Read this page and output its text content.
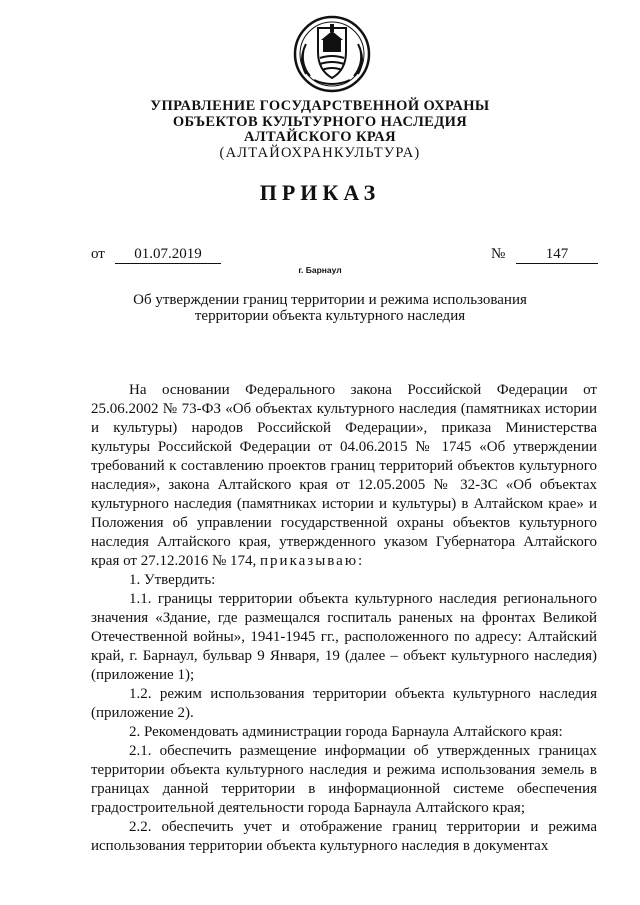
УПРАВЛЕНИЕ ГОСУДАРСТВЕННОЙ ОХРАНЫ
ОБЪЕКТОВ КУЛЬТУРНОГО НАСЛЕДИЯ
АЛТАЙСКОГО КРАЯ
(АЛТАЙОХРАНКУЛЬТУРА)
ПРИКАЗ
от	01.07.2019	№	147
г. Барнаул
Об утверждении границ территории и режима использования
территории объекта культурного наследия

На основании Федерального закона Российской Федерации от 25.06.2002 № 73-ФЗ «Об объектах культурного наследия (памятниках истории и культуры) народов Российской Федерации», приказа Министерства культуры Российской Федерации от 04.06.2015 № 1745 «Об утверждении требований к составлению проектов границ территорий объектов культурного наследия», закона Алтайского края от 12.05.2005 № 32-ЗС «Об объектах культурного наследия (памятниках истории и культуры) в Алтайском крае» и Положения об управлении государственной охраны объектов культурного наследия Алтайского края, утвержденного указом Губернатора Алтайского края от 27.12.2016 № 174, приказываю:

1. Утвердить:

1.1. границы территории объекта культурного наследия регионального значения «Здание, где размещался госпиталь раненых на фронтах Великой Отечественной войны», 1941-1945 гг., расположенного по адресу: Алтайский край, г. Барнаул, бульвар 9 Января, 19 (далее – объект культурного наследия) (приложение 1);

1.2. режим использования территории объекта культурного наследия (приложение 2).

2. Рекомендовать администрации города Барнаула Алтайского края:

2.1. обеспечить размещение информации об утвержденных границах территории объекта культурного наследия и режима использования земель в границах данной территории в информационной системе обеспечения градостроительной деятельности города Барнаула Алтайского края;

2.2. обеспечить учет и отображение границ территории и режима использования территории объекта культурного наследия в документах
